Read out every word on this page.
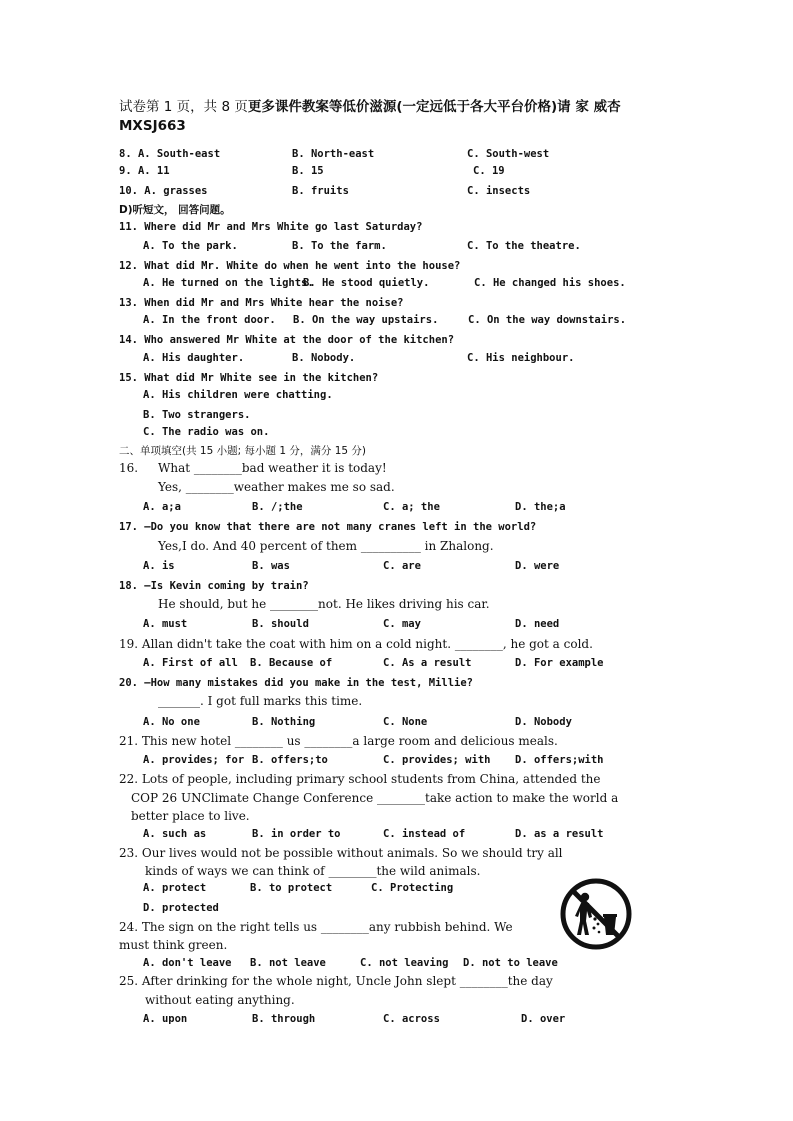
试卷第 1 页，共 8 页更多课件教案等低价滋源(一定远低于各大平台价格)请 家 威杏
MXSJ663
8. A. South-east	B. North-east	C. South-west
9. A. 11	B. 15	C. 19
10. A. grasses	B. fruits	C. insects
D)听短文， 回答问题。
11. Where did Mr and Mrs White go last Saturday?
A. To the park.	B. To the farm.	C. To the theatre.
12. What did Mr. White do when he went into the house?
A. He turned on the lights.
B. He stood quietly.	C. He changed his shoes.
13. When did Mr and Mrs White hear the noise?
A. In the front door. B. On the way upstairs.	C. On the way downstairs.
14. Who answered Mr White at the door of the kitchen?
A. His daughter.	B. Nobody.	C. His neighbour.
15. What did Mr White see in the kitchen?
A. His children were chatting.
B. Two strangers.
C. The radio was on.
二、单项填空(共 15 小题; 每小题 1 分，满分 15 分)
16. What ________bad weather it is today!
Yes, ________weather makes me so sad.
A. a;a	B. /;the	C. a; the	D. the;a
17. —Do you know that there are not many cranes left in the world?
Yes,I do. And 40 percent of them __________ in Zhalong.
A. is	B. was	C. are	D. were
18. —Is Kevin coming by train?
He should, but he ________not. He likes driving his car.
A. must	B. should	C. may	D. need
19. Allan didn't take the coat with him on a cold night. ________, he got a cold.
A. First of all B. Because of	C. As a result	D. For example
20. —How many mistakes did you make in the test, Millie?
_______. I got full marks this time.
A. No one	B. Nothing	C. None	D. Nobody
21. This new hotel ________ us ________a large room and delicious meals.
A. provides; for B. offers;to	C. provides; with D. offers;with
22. Lots of people, including primary school students from China, attended the
COP 26 UNClimate Change Conference ________take action to make the world a
better place to live.
A. such as	B. in order to	C. instead of	D. as a result
23. Our lives would not be possible without animals. So we should try all
kinds of ways we can think of ________the wild animals.
A. protect	B. to protect	C. Protecting
D. protected
24. The sign on the right tells us ________any rubbish behind. We
must think green.
A. don't leave B. not leave	C. not leaving D. not to leave
25. After drinking for the whole night, Uncle John slept ________the day
without eating anything.
A. upon	B. through	C. across	D. over
